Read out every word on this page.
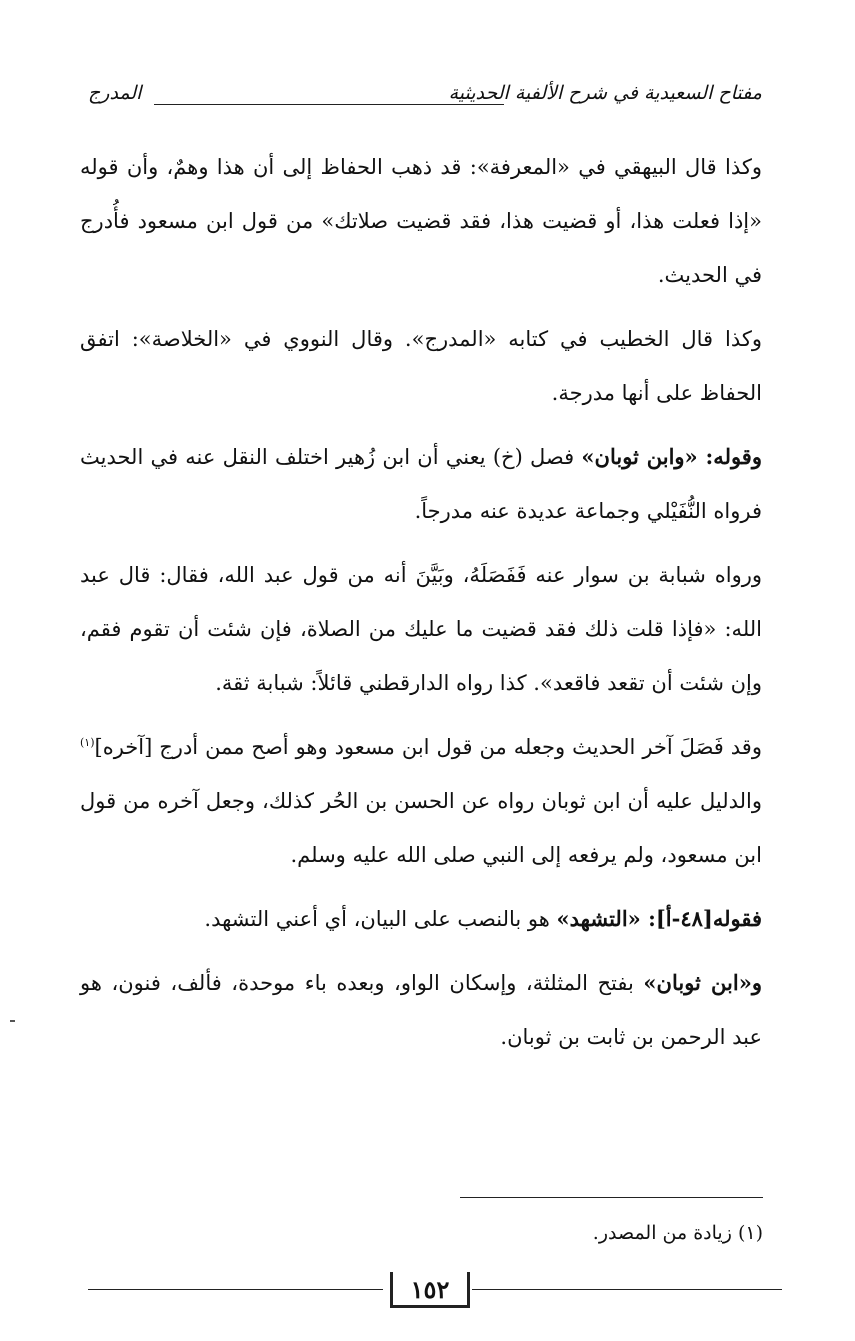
مفتاح السعيدية في شرح الألفية الحديثية
المدرج

وكذا قال البيهقي في «المعرفة»: قد ذهب الحفاظ إلى أن هذا وهمٌ، وأن قوله «إذا فعلت هذا، أو قضيت هذا، فقد قضيت صلاتك» من قول ابن مسعود فأُدرج في الحديث.

وكذا قال الخطيب في كتابه «المدرج». وقال النووي في «الخلاصة»: اتفق الحفاظ على أنها مدرجة.

وقوله: «وابن ثوبان» فصل (خ) يعني أن ابن زُهير اختلف النقل عنه في الحديث فرواه النُّفَيْلي وجماعة عديدة عنه مدرجاً.

ورواه شبابة بن سوار عنه فَفَصَلَهُ، وبَيَّنَ أنه من قول عبد الله، فقال: قال عبد الله: «فإذا قلت ذلك فقد قضيت ما عليك من الصلاة، فإن شئت أن تقوم فقم، وإن شئت أن تقعد فاقعد». كذا رواه الدارقطني قائلاً: شبابة ثقة.

وقد فَصَلَ آخر الحديث وجعله من قول ابن مسعود وهو أصح ممن أدرج [آخره]$^{(١)}$ والدليل عليه أن ابن ثوبان رواه عن الحسن بن الحُر كذلك، وجعل آخره من قول ابن مسعود، ولم يرفعه إلى النبي صلى الله عليه وسلم.

فقوله[٤٨-أ]: «التشهد» هو بالنصب على البيان، أي أعني التشهد.

و«ابن ثوبان» بفتح المثلثة، وإسكان الواو، وبعده باء موحدة، فألف، فنون، هو عبد الرحمن بن ثابت بن ثوبان.

(١) زيادة من المصدر.
١٥٢
